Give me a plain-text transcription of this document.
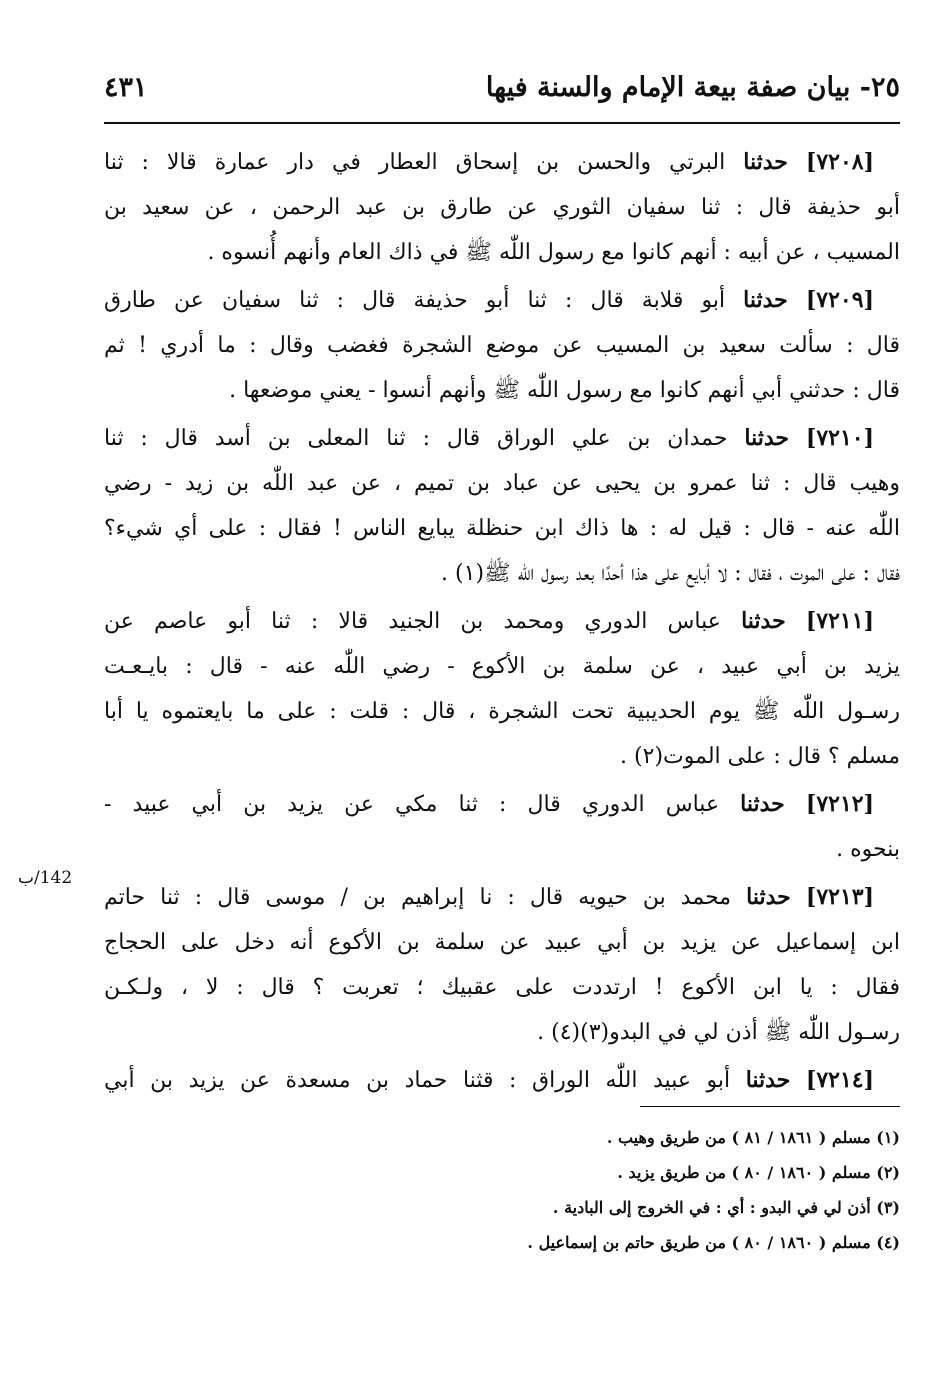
٢٥- بيان صفة بيعة الإمام والسنة فيها
٤٣١
[٧٢٠٨] حدثنا البرتي والحسن بن إسحاق العطار في دار عمارة قالا : ثنا
أبو حذيفة قال : ثنا سفيان الثوري عن طارق بن عبد الرحمن ، عن سعيد بن
المسيب ، عن أبيه : أنهم كانوا مع رسول اللّٰه ﷺ في ذاك العام وأنهم أُنسوه .
[٧٢٠٩] حدثنا أبو قلابة قال : ثنا أبو حذيفة قال : ثنا سفيان عن طارق
قال : سألت سعيد بن المسيب عن موضع الشجرة فغضب وقال : ما أدري ! ثم
قال : حدثني أبي أنهم كانوا مع رسول اللّٰه ﷺ وأنهم أنسوا - يعني موضعها .
[٧٢١٠] حدثنا حمدان بن علي الوراق قال : ثنا المعلى بن أسد قال : ثنا
وهيب قال : ثنا عمرو بن يحيى عن عباد بن تميم ، عن عبد اللّٰه بن زيد - رضي
اللّٰه عنه - قال : قيل له : ها ذاك ابن حنظلة يبايع الناس ! فقال : على أي شيء؟
فقال : على الموت ، فقال : لا أبايع على هذا أحدًا بعد رسول اللّٰه ﷺ(١) .
[٧٢١١] حدثنا عباس الدوري ومحمد بن الجنيد قالا : ثنا أبو عاصم عن
يزيد بن أبي عبيد ، عن سلمة بن الأكوع - رضي اللّٰه عنه - قال : بايـعـت
رسـول اللّٰه ﷺ يوم الحديبية تحت الشجرة ، قال : قلت : على ما بايعتموه يا أبا
مسلم ؟ قال : على الموت(٢) .
[٧٢١٢] حدثنا عباس الدوري قال : ثنا مكي عن يزيد بن أبي عبيد -
بنحوه .
[٧٢١٣] حدثنا محمد بن حيويه قال : نا إبراهيم بن / موسى قال : ثنا حاتم
ابن إسماعيل عن يزيد بن أبي عبيد عن سلمة بن الأكوع أنه دخل على الحجاج
فقال : يا ابن الأكوع ! ارتددت على عقبيك ؛ تعربت ؟ قال : لا ، ولـكـن
رسـول اللّٰه ﷺ أذن لي في البدو(٣)(٤) .
[٧٢١٤] حدثنا أبو عبيد اللّٰه الوراق : قثنا حماد بن مسعدة عن يزيد بن أبي
142/ب
(١) مسلم ( ١٨٦١ / ٨١ ) من طريق وهيب .
(٢) مسلم ( ١٨٦٠ / ٨٠ ) من طريق يزيد .
(٣) أذن لي في البدو : أي : في الخروج إلى البادية .
(٤) مسلم ( ١٨٦٠ / ٨٠ ) من طريق حاتم بن إسماعيل .
